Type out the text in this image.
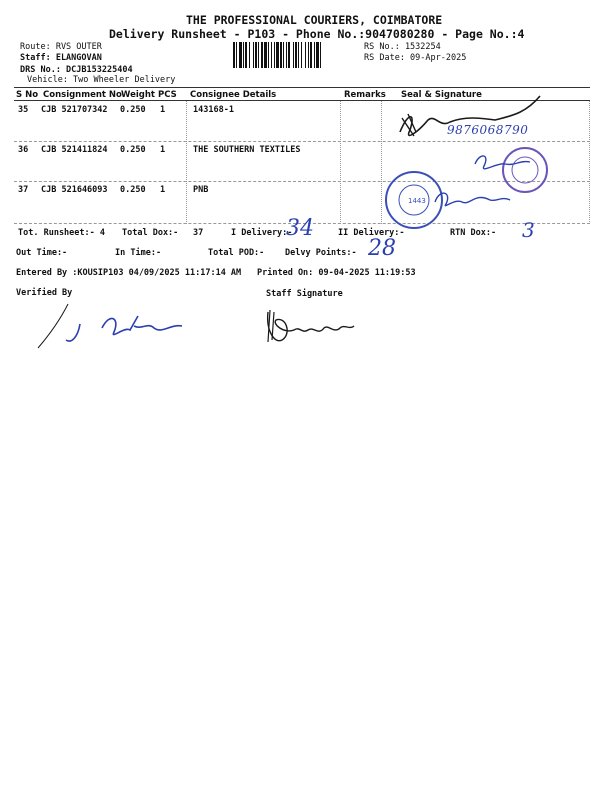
THE PROFESSIONAL COURIERS, COIMBATORE
Delivery Runsheet - P103 - Phone No.:9047080280 - Page No.:4
Route: RVS OUTER
Staff: ELANGOVAN
DRS No.: DCJB153225404
Vehicle: Two Wheeler Delivery
RS No.: 1532254
RS Date: 09-Apr-2025
S No Consignment No Weight PCS Consignee Details	Remarks Seal & Signature
35 CJB 521707342 0.250 1	143168-1
36 CJB 521411824 0.250 1	THE SOUTHERN TEXTILES
37 CJB 521646093 0.250 1	PNB
1443
9876068790
Tot. Runsheet:- 4 Total Dox:- 37	I Delivery:-
34	II Delivery:-	RTN Dox:- 3
Out Time:-	In Time:-	Total POD:- Delvy Points:- 28
Entered By :KOUSIP103 04/09/2025 11:17:14 AM Printed On: 09-04-2025 11:19:53
Verified By	Staff Signature
